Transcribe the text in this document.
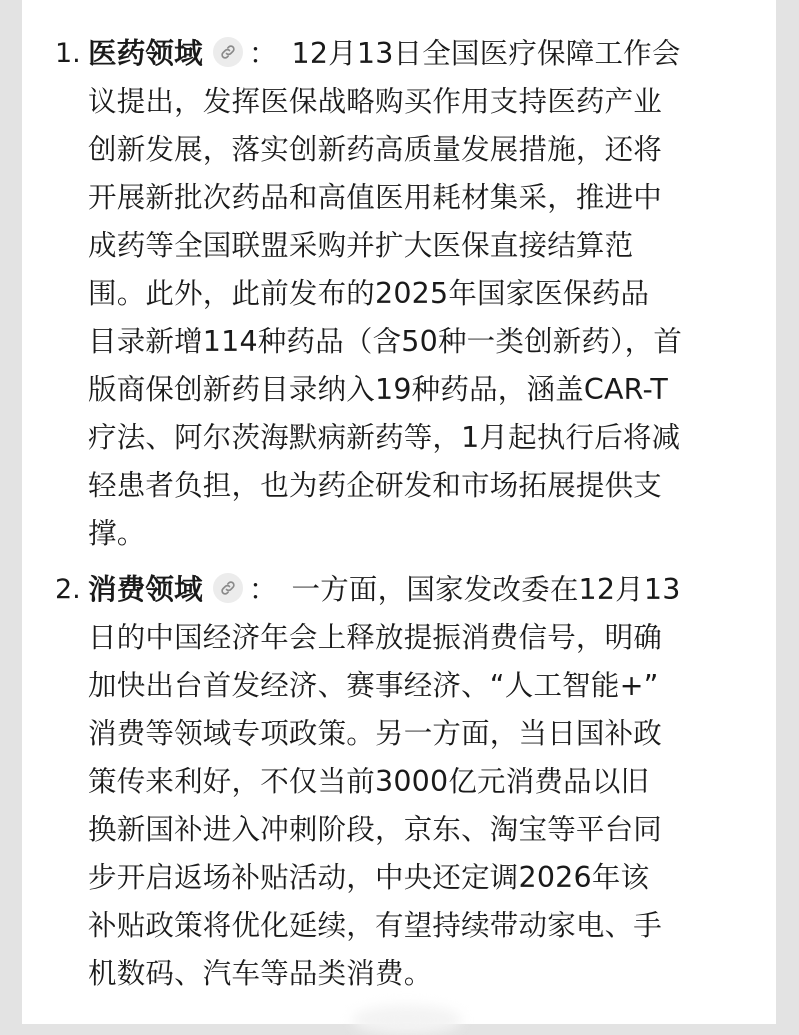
1. 医药领域 ： 12月13日全国医疗保障工作会
议提出，发挥医保战略购买作用支持医药产业
创新发展，落实创新药高质量发展措施，还将
开展新批次药品和高值医用耗材集采，推进中
成药等全国联盟采购并扩大医保直接结算范
围。此外，此前发布的2025年国家医保药品
目录新增114种药品（含50种一类创新药），首
版商保创新药目录纳入19种药品，涵盖CAR-T
疗法、阿尔茨海默病新药等，1月起执行后将减
轻患者负担，也为药企研发和市场拓展提供支
撑。
2. 消费领域 ： 一方面，国家发改委在12月13
日的中国经济年会上释放提振消费信号，明确
加快出台首发经济、赛事经济、“人工智能+”
消费等领域专项政策。另一方面，当日国补政
策传来利好，不仅当前3000亿元消费品以旧
换新国补进入冲刺阶段，京东、淘宝等平台同
步开启返场补贴活动，中央还定调2026年该
补贴政策将优化延续，有望持续带动家电、手
机数码、汽车等品类消费。
